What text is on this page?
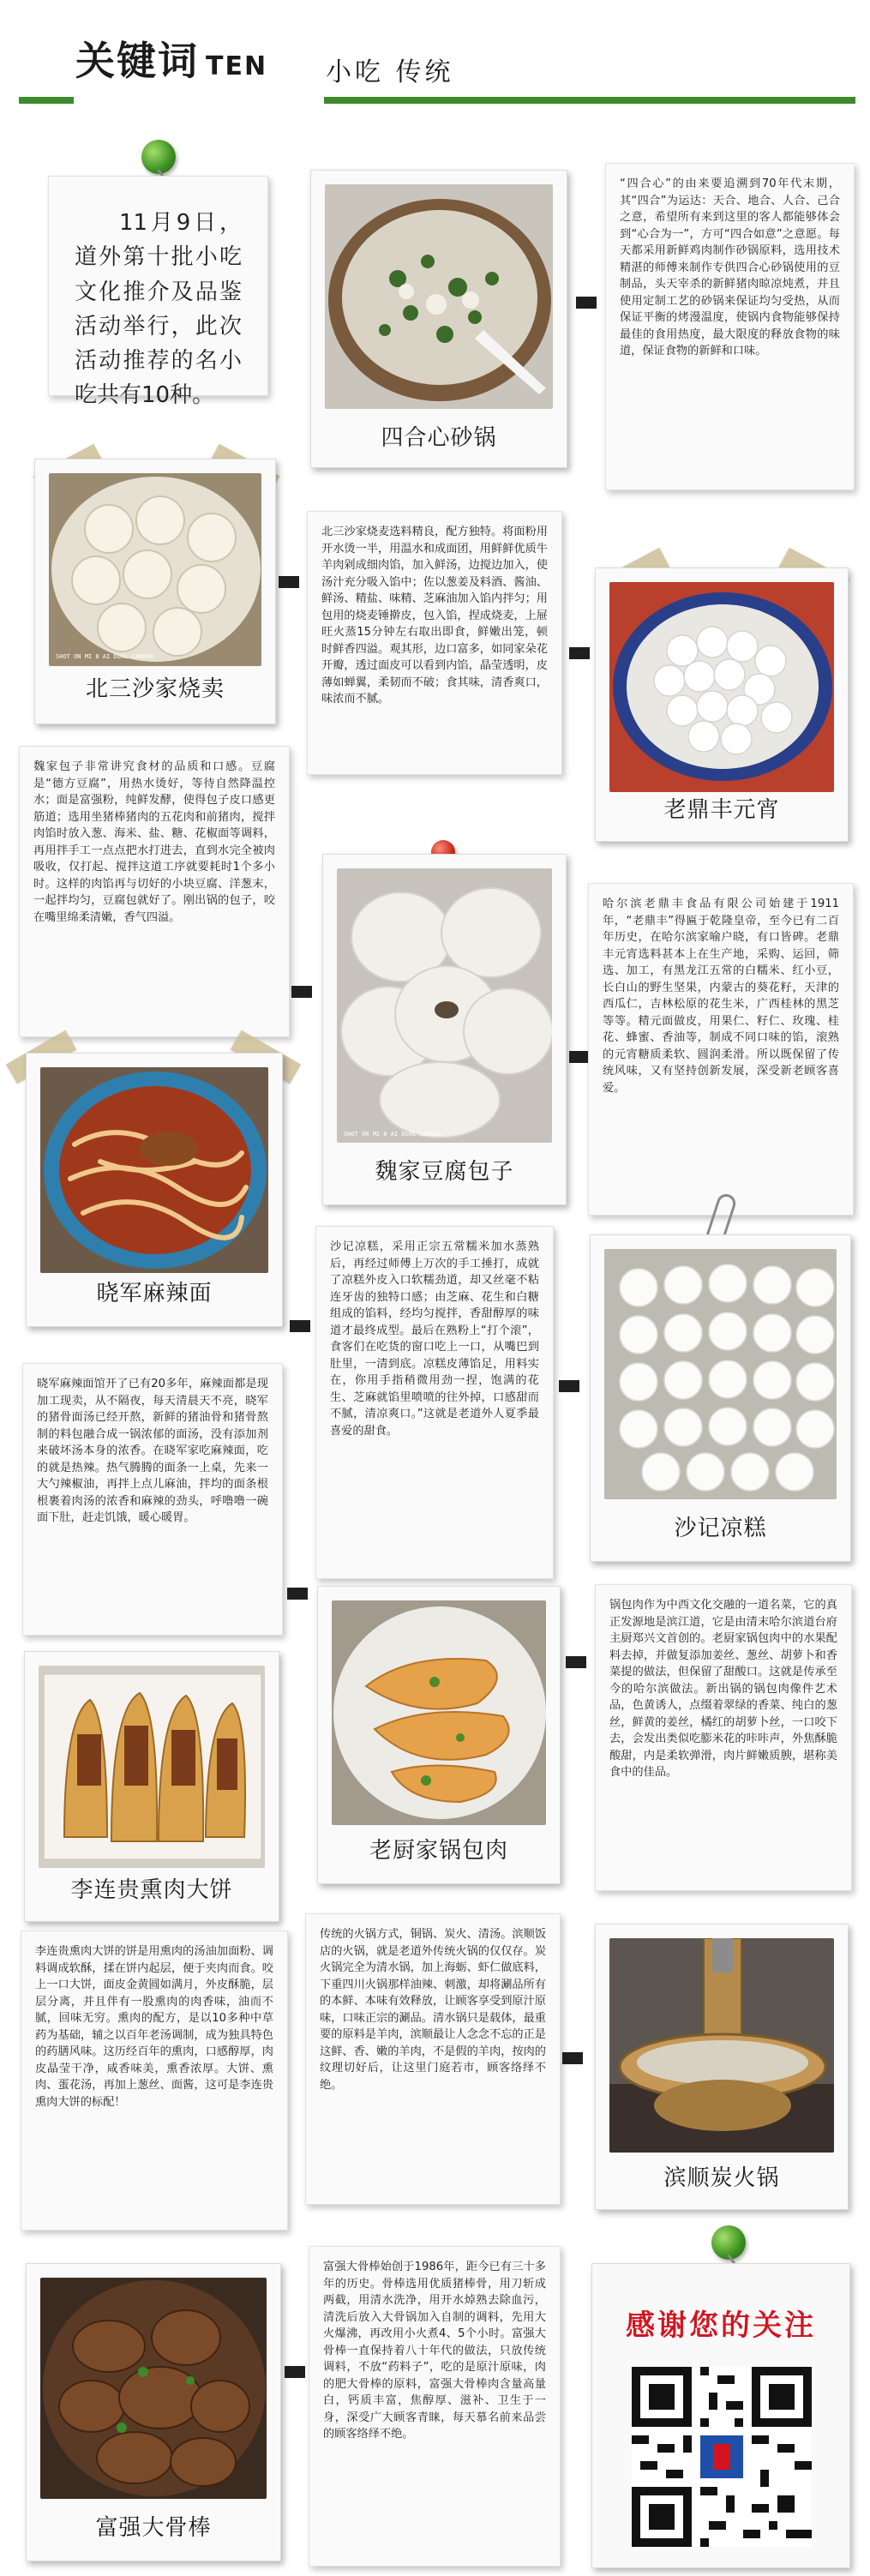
关键词 TEN 小吃 传统
11月9日，道外第十批小吃文化推介及品鉴活动举行，此次活动推荐的名小吃共有10种。
四合心砂锅
“四合心”的由来要追溯到70年代末期，其“四合”为运达：天合、地合、人合、己合之意，希望所有来到这里的客人都能够体会到“心合为一”，方可“四合如意”之意愿。每天都采用新鲜鸡肉制作砂锅原料，选用技术精湛的师傅来制作专供四合心砂锅使用的豆制品，头天宰杀的新鲜猪肉晾凉炖煮，并且使用定制工艺的砂锅来保证均匀受热，从而保证平衡的烤漫温度，使锅内食物能够保持最佳的食用热度，最大限度的释放食物的味道，保证食物的新鲜和口味。
SHOT ON MI 8 AI DUAL CAMERA
北三沙家烧卖
北三沙家烧麦选料精良，配方独特。将面粉用开水烫一半，用温水和成面团，用鲜鲜优质牛羊肉剁成细肉馅，加入鲜汤，边搅边加入，使汤汁充分吸入馅中；佐以葱姜及料酒、酱油、鲜汤、精盐、味精、芝麻油加入馅内拌匀；用包用的烧麦锤擀皮，包入馅，捏成烧麦，上屉旺火蒸15分钟左右取出即食，鲜嫩出笼，顿时鲜香四溢。观其形，边口富多，如同家朵花开瓣，透过面皮可以看到内馅，晶莹透明，皮薄如蝉翼，柔韧而不破；食其味，清香爽口，味浓而不腻。
老鼎丰元宵
魏家包子非常讲究食材的品质和口感。豆腐是“德方豆腐”，用热水烫好，等待自然降温控水；面是富强粉，纯鲜发酵，使得包子皮口感更筋道；选用坐猪棒猪肉的五花肉和前猪肉，搅拌肉馅时放入葱、海米、盐、糖、花椒面等调料，再用拌手工一点点把水打进去，直到水完全被肉吸收，仅打起、搅拌这道工序就要耗时1个多小时。这样的肉馅再与切好的小块豆腐、洋葱末，一起拌均匀，豆腐包就好了。刚出锅的包子，咬在嘴里绵柔清嫩，香气四溢。
SHOT ON MI 8 AI DUAL CAMERA
魏家豆腐包子
哈尔滨老鼎丰食品有限公司始建于1911年，“老鼎丰”得匾于乾隆皇帝，至今已有二百年历史，在哈尔滨家喻户晓，有口皆碑。老鼎丰元宵选料甚本上在生产地，采购、运回，筛选、加工，有黑龙江五常的白糯米、红小豆，长白山的野生坚果，内蒙古的葵花籽，天津的西瓜仁，吉林松原的花生米，广西桂林的黑芝等等。精元面做皮，用果仁、籽仁、玫瑰、桂花、蜂蜜、香油等，制成不同口味的馅，滚熟的元宵糖质柔软、圆润柔滑。所以既保留了传统风味，又有坚持创新发展，深受新老顾客喜爱。
晓军麻辣面
沙记凉糕，采用正宗五常糯米加水蒸熟后，再经过师傅上万次的手工捶打，成就了凉糕外皮入口软糯劲道，却又丝毫不粘连牙齿的独特口感；由芝麻、花生和白糖组成的馅料，经均匀搅拌，香甜醇厚的味道才最终成型。最后在熟粉上“打个滚”，食客们在吃货的窗口吃上一口，从嘴巴到肚里，一清到底。凉糕皮薄馅足，用料实在，你用手指稍微用劲一捏，饱满的花生、芝麻就馅里喷喷的往外掉，口感甜而不腻，清凉爽口。”这就是老道外人夏季最喜爱的甜食。
沙记凉糕
晓军麻辣面馆开了已有20多年，麻辣面都是现加工现卖，从不隔夜，每天清晨天不亮，晓军的猪骨面汤已经开熬，新鲜的猪油骨和猪骨熬制的料包融合成一锅浓郁的面汤，没有添加剂来破坏汤本身的浓香。在晓军家吃麻辣面，吃的就是热辣。热气腾腾的面条一上桌，先来一大勺辣椒油，再拌上点儿麻油，拌均的面条根根裹着肉汤的浓香和麻辣的劲头，呼噜噜一碗面下肚，赶走饥饿，暖心暖胃。
老厨家锅包肉
锅包肉作为中西文化交融的一道名菜，它的真正发源地是滨江道，它是由清末哈尔滨道台府主厨郑兴文首创的。老厨家锅包肉中的水果配料去掉，并做复添加姜丝、葱丝、胡萝卜和香菜提的做法，但保留了甜酸口。这就是传承至今的哈尔滨做法。新出锅的锅包肉像件艺术品，色黄诱人，点缀着翠绿的香菜、纯白的葱丝，鲜黄的姜丝，橘红的胡萝卜丝，一口咬下去，会发出类似吃膨米花的咔咔声，外焦酥脆酸甜，内是柔软弹滑，肉片鲜嫩质腴，堪称美食中的佳品。
李连贵熏肉大饼
李连贵熏肉大饼的饼是用熏肉的汤油加面粉、调料调成软酥，揉在饼内起层，便于夹肉而食。咬上一口大饼，面皮金黄圆如满月，外皮酥脆，层层分离，并且伴有一股熏肉的肉香味，油而不腻，回味无穷。熏肉的配方，是以10多种中草药为基础，辅之以百年老汤调制，成为独具特色的药膳风味。这历经百年的熏肉，口感醇厚，肉皮晶莹干净，咸香味美，熏香浓厚。大饼、熏肉、蛋花汤，再加上葱丝、面酱，这可是李连贵熏肉大饼的标配！
传统的火锅方式，铜锅、炭火、清汤。滨顺饭店的火锅，就是老道外传统火锅的仅仅存。炭火锅完全为清水锅，加上海蛎、虾仁做底料，下重四川火锅那样油辣、刺激，却将涮品所有的本鲜、本味有效释放，让顾客享受到原汁原味，口味正宗的涮品。清水锅只是载体，最重要的原料是羊肉，滨顺最让人念念不忘的正是这鲜、香、嫩的羊肉，不是假的羊肉，按肉的纹理切好后，让这里门庭若市，顾客络绎不绝。
滨顺炭火锅
富强大骨棒
富强大骨棒始创于1986年，距今已有三十多年的历史。骨棒选用优质猪棒骨，用刀斩成两截，用清水洗净，用开水焯熟去除血污，清洗后放入大骨锅加入自制的调料，先用大火爆沸，再改用小火煮4、5个小时。富强大骨棒一直保持着八十年代的做法，只放传统调料，不放“药料子”，吃的是原汁原味，肉的肥大骨棒的原料，富强大骨棒肉含量高量白，钙质丰富，焦醇厚、滋补、卫生于一身，深受广大顾客青睐，每天慕名前来品尝的顾客络绎不绝。
感谢您的关注
